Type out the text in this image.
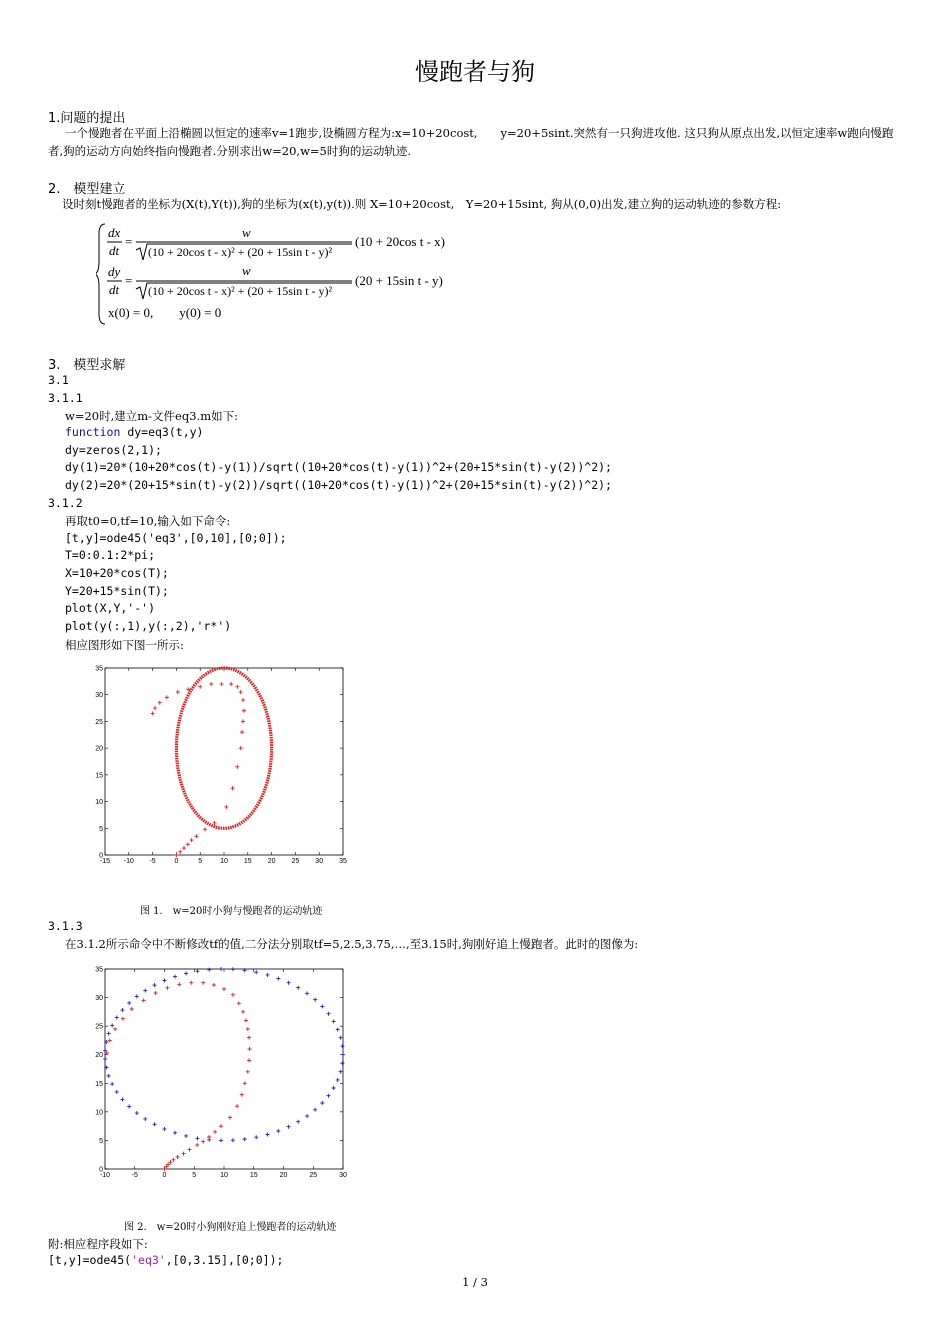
慢跑者与狗
1.问题的提出
一个慢跑者在平面上沿椭圆以恒定的速率v=1跑步,设椭圆方程为:x=10+20cost,　　y=20+5sint.突然有一只狗进攻他. 这只狗从原点出发,以恒定速率w跑向慢跑者,狗的运动方向始终指向慢跑者.分别求出w=20,w=5时狗的运动轨迹.
2.　模型建立
设时刻t慢跑者的坐标为(X(t),Y(t)),狗的坐标为(x(t),y(t)).则 X=10+20cost,　Y=20+15sint, 狗从(0,0)出发,建立狗的运动轨迹的参数方程:
dx
dt
=
w
(10 + 20cos t - x)² + (20 + 15sin t - y)²
(10 + 20cos t - x)
dy
dt
=
w
(10 + 20cos t - x)² + (20 + 15sin t - y)²
(20 + 15sin t - y)
x(0) = 0,　　y(0) = 0
3.　模型求解
3.1
3.1.1
w=20时,建立m-文件eq3.m如下:
function dy=eq3(t,y)
dy=zeros(2,1);
dy(1)=20*(10+20*cos(t)-y(1))/sqrt((10+20*cos(t)-y(1))^2+(20+15*sin(t)-y(2))^2);
dy(2)=20*(20+15*sin(t)-y(2))/sqrt((10+20*cos(t)-y(1))^2+(20+15*sin(t)-y(2))^2);
3.1.2
再取t0=0,tf=10,输入如下命令:
[t,y]=ode45('eq3',[0,10],[0;0]);
T=0:0.1:2*pi;
X=10+20*cos(T);
Y=20+15*sin(T);
plot(X,Y,'-')
plot(y(:,1),y(:,2),'r*')
相应图形如下图一所示:
-15 -10 -5	0	5	10 15 20 25 30 35
0
5
10
15
20
25
30
35
图 1.　w=20时小狗与慢跑者的运动轨迹
3.1.3
在3.1.2所示命令中不断修改tf的值,二分法分别取tf=5,2.5,3.75,…,至3.15时,狗刚好追上慢跑者。此时的图像为:
-10	-5	0	5	10	15	20	25	30
0
5
10
15
20
25
30
35
图 2.　w=20时小狗刚好追上慢跑者的运动轨迹
附:相应程序段如下:
[t,y]=ode45('eq3',[0,3.15],[0;0]);
1 / 3
